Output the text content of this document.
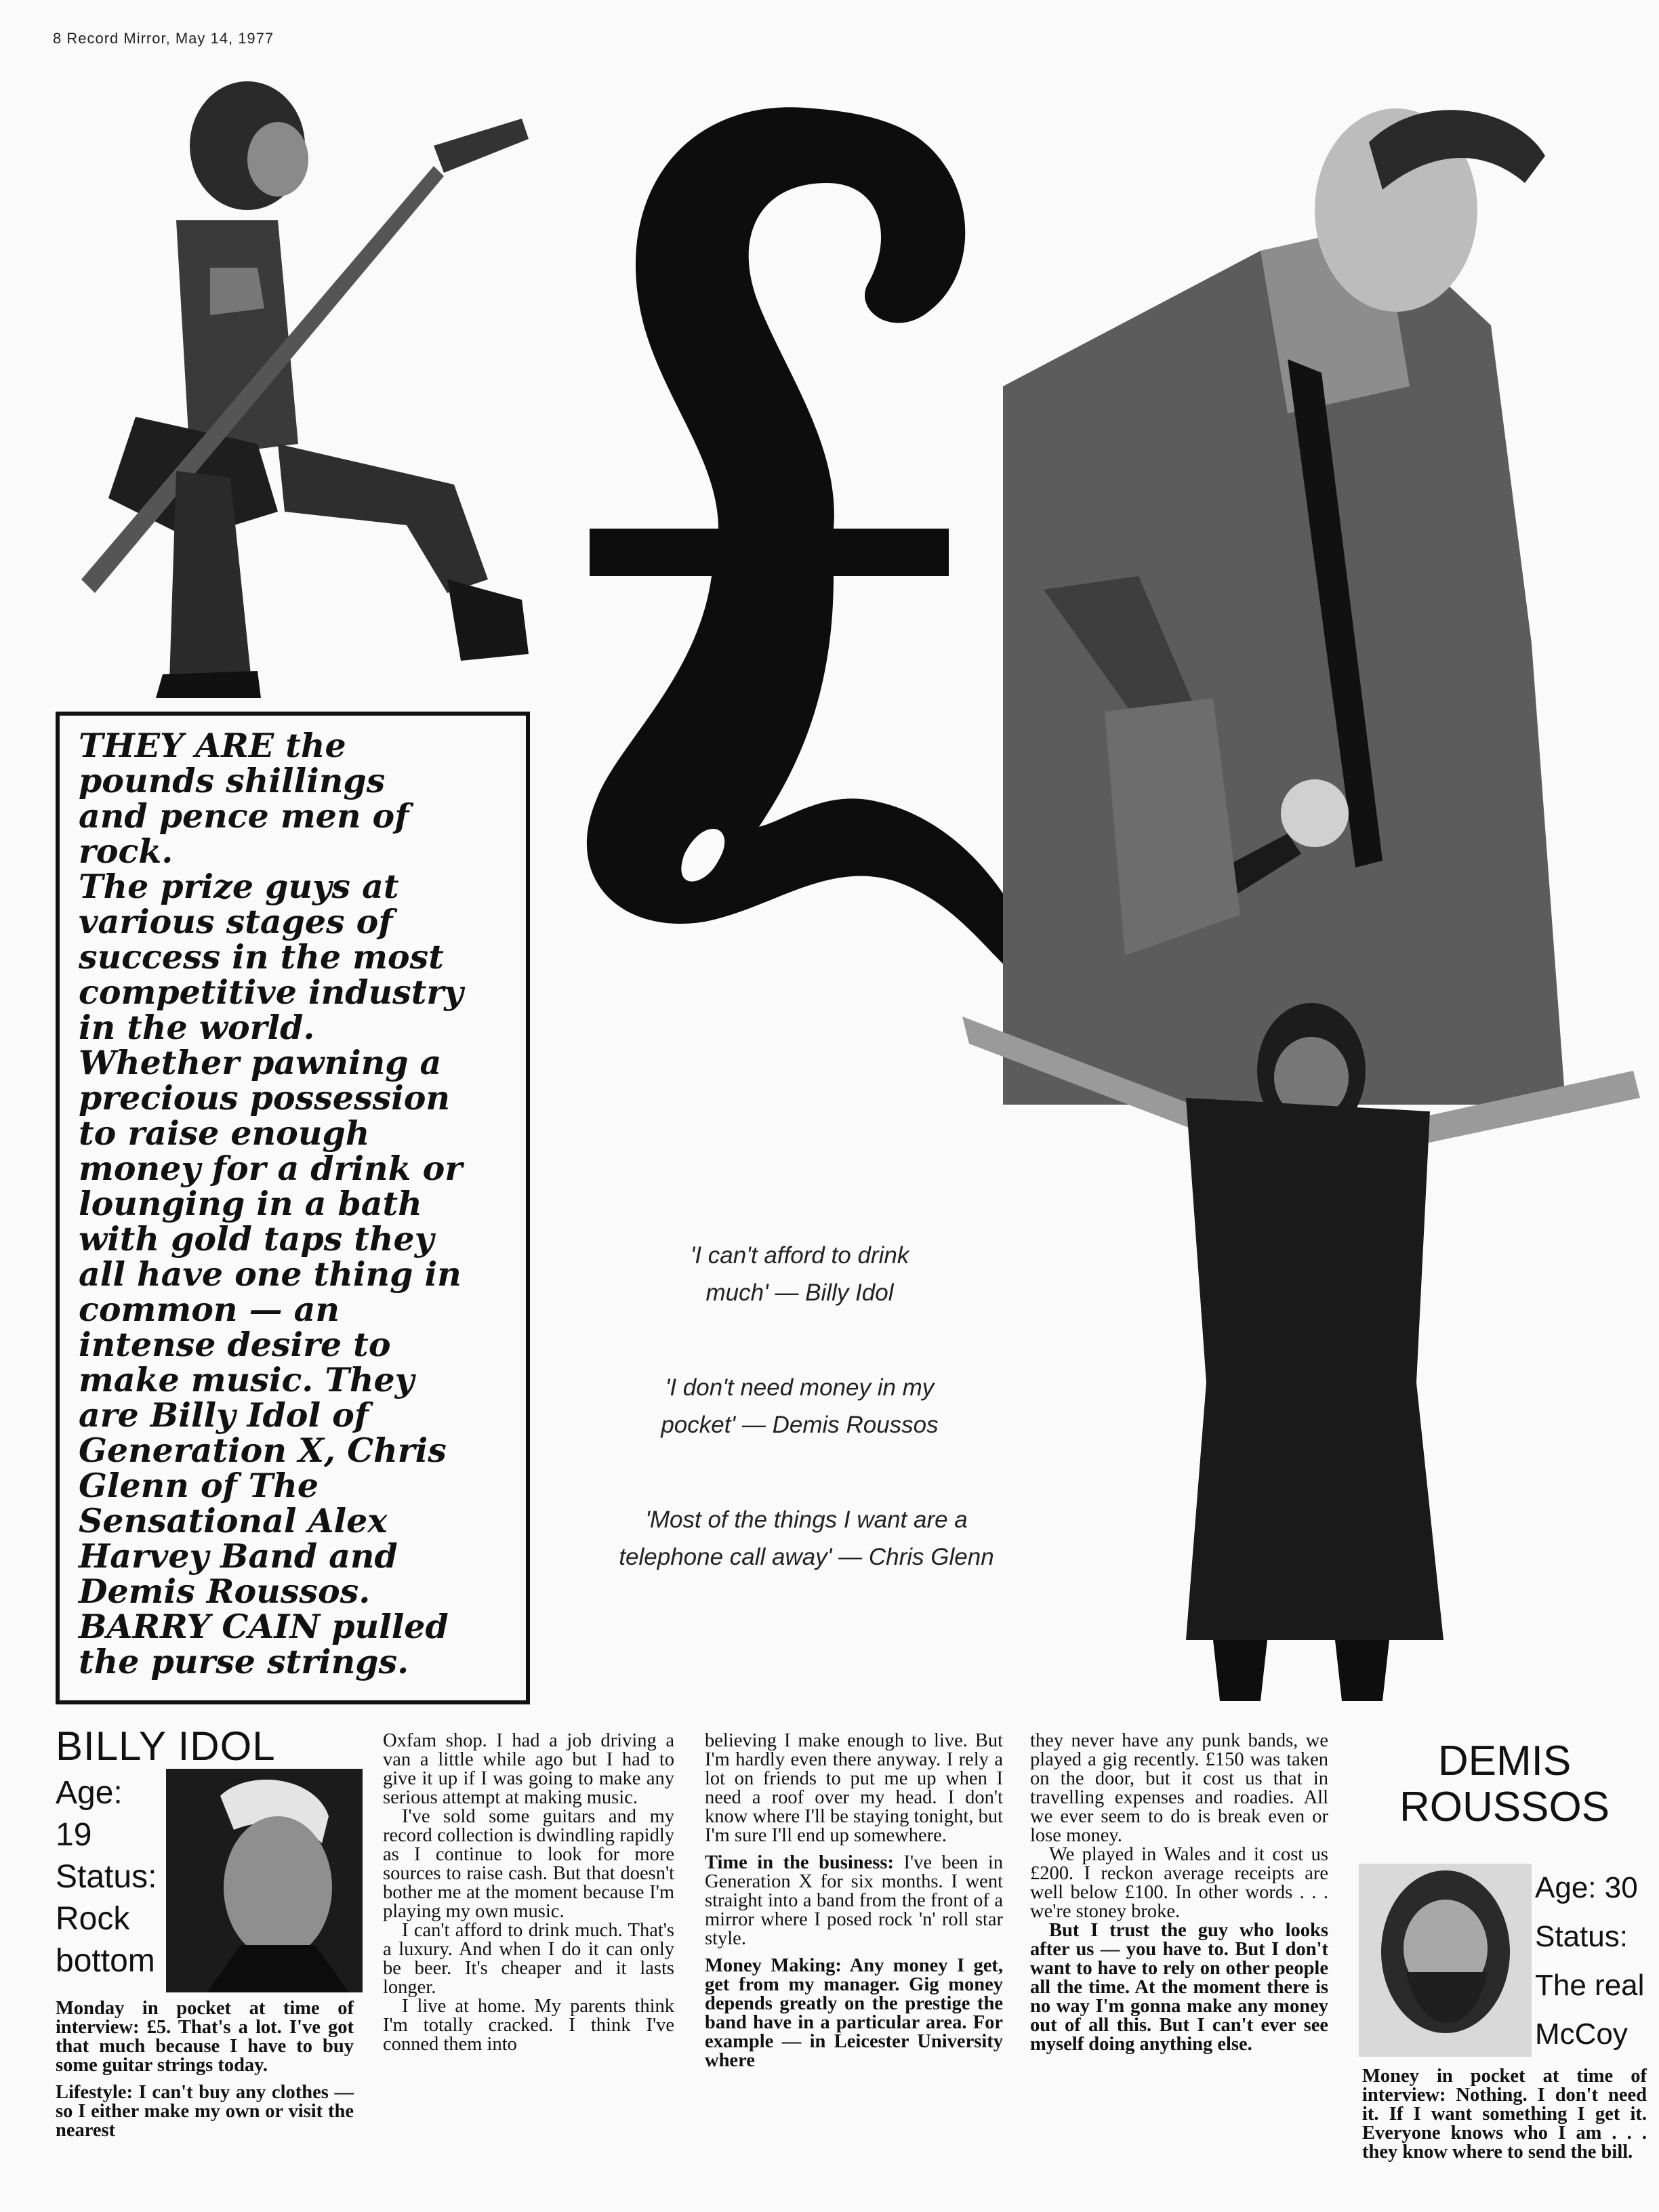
8 Record Mirror, May 14, 1977

THEY ARE the
pounds shillings
and pence men of
rock.
The prize guys at
various stages of
success in the most
competitive industry
in the world.
Whether pawning a
precious possession
to raise enough
money for a drink or
lounging in a bath
with gold taps they
all have one thing in
common — an
intense desire to
make music. They
are Billy Idol of
Generation X, Chris
Glenn of The
Sensational Alex
Harvey Band and
Demis Roussos.
BARRY CAIN pulled
the purse strings.

'I can't afford to drink
much' — Billy Idol
'I don't need money in my
pocket' — Demis Roussos
'Most of the things I want are a
telephone call away' — Chris Glenn
BILLY IDOL
Age:
19
Status:
Rock
bottom

Monday in pocket at time of interview: £5. That's a lot. I've got that much because I have to buy some guitar strings today.

Lifestyle: I can't buy any clothes — so I either make my own or visit the nearest

Oxfam shop. I had a job driving a van a little while ago but I had to give it up if I was going to make any serious attempt at making music.

I've sold some guitars and my record collection is dwindling rapidly as I continue to look for more sources to raise cash. But that doesn't bother me at the moment because I'm playing my own music.

I can't afford to drink much. That's a luxury. And when I do it can only be beer. It's cheaper and it lasts longer.

I live at home. My parents think I'm totally cracked. I think I've conned them into

believing I make enough to live. But I'm hardly even there anyway. I rely a lot on friends to put me up when I need a roof over my head. I don't know where I'll be staying tonight, but I'm sure I'll end up somewhere.

Time in the business: I've been in Generation X for six months. I went straight into a band from the front of a mirror where I posed rock 'n' roll star style.

Money Making: Any money I get, get from my manager. Gig money depends greatly on the prestige the band have in a particular area. For example — in Leicester University where

they never have any punk bands, we played a gig recently. £150 was taken on the door, but it cost us that in travelling expenses and roadies. All we ever seem to do is break even or lose money.

We played in Wales and it cost us £200. I reckon average receipts are well below £100. In other words . . . we're stoney broke.

But I trust the guy who looks after us — you have to. But I don't want to have to rely on other people all the time. At the moment there is no way I'm gonna make any money out of all this. But I can't ever see myself doing anything else.

DEMIS
ROUSSOS
Age: 30
Status:
The real
McCoy
Money in pocket at time of interview: Nothing. I don't need it. If I want something I get it. Everyone knows who I am . . . they know where to send the bill.
